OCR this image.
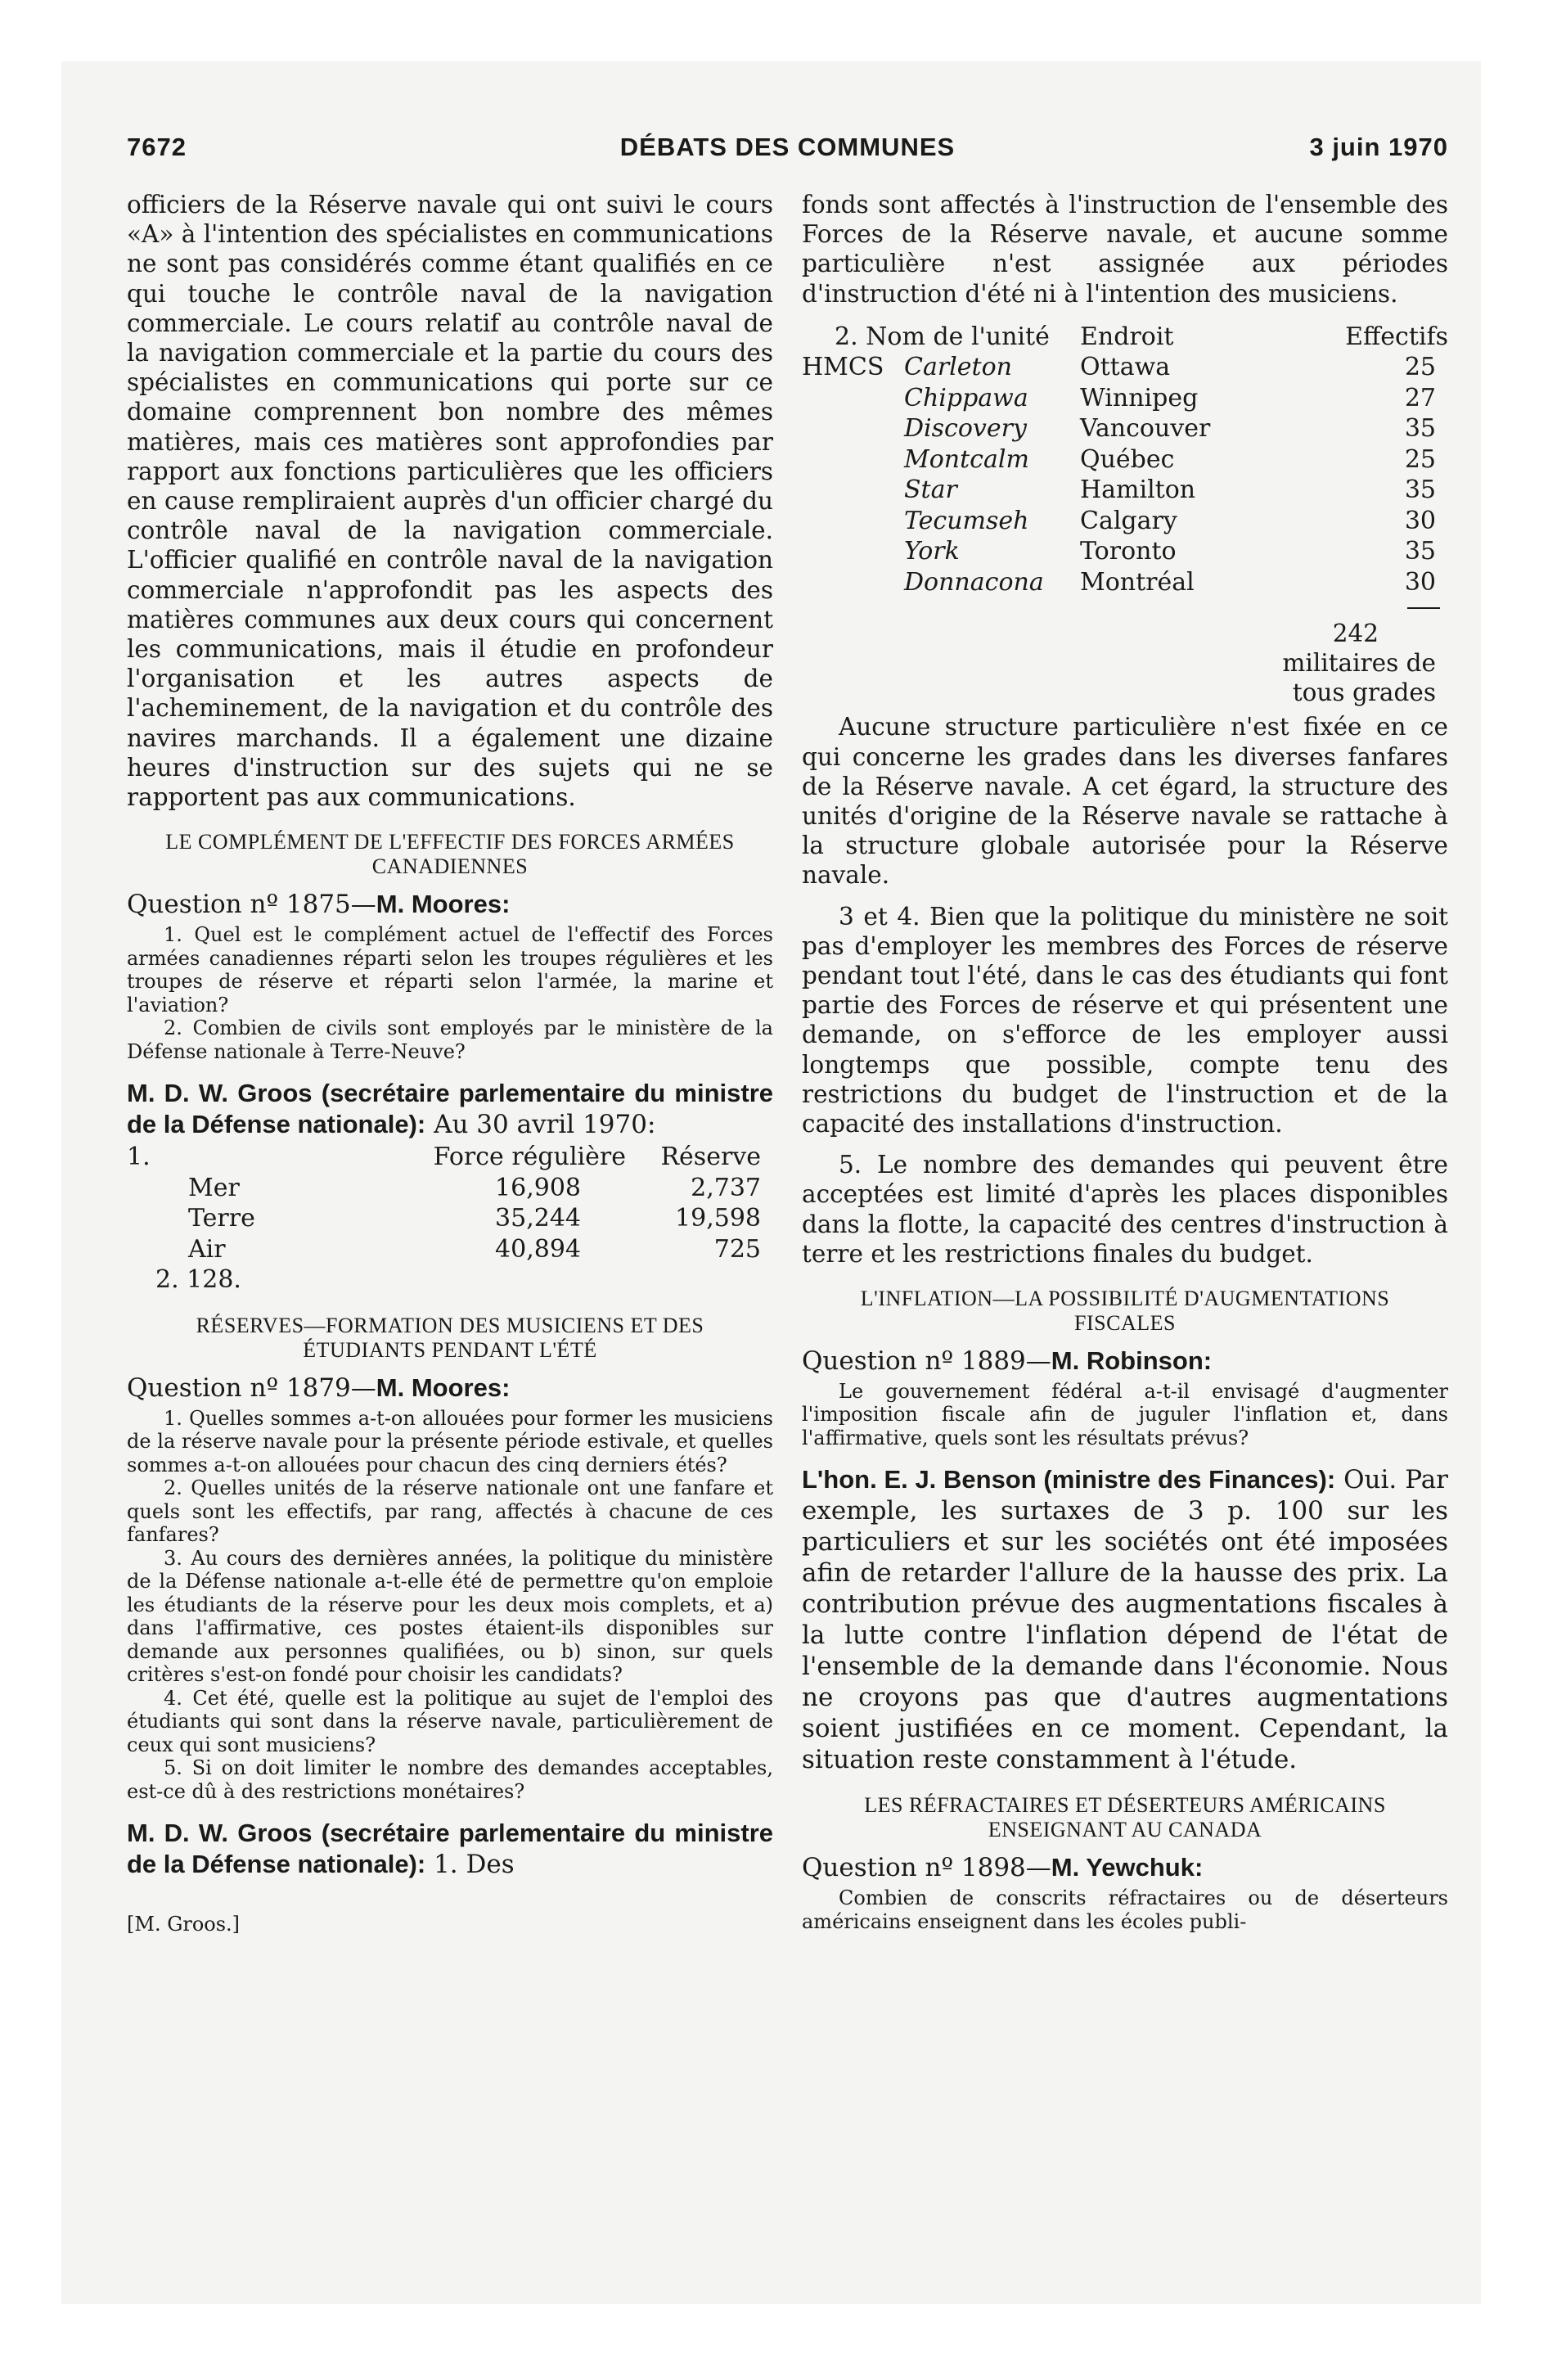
7672	DÉBATS DES COMMUNES	3 juin 1970

officiers de la Réserve navale qui ont suivi le cours «A» à l'intention des spécialistes en communications ne sont pas considérés comme étant qualifiés en ce qui touche le contrôle naval de la navigation commerciale. Le cours relatif au contrôle naval de la navigation commerciale et la partie du cours des spécialistes en communications qui porte sur ce domaine comprennent bon nombre des mêmes matières, mais ces matières sont approfondies par rapport aux fonctions particulières que les officiers en cause rempliraient auprès d'un officier chargé du contrôle naval de la navigation commerciale. L'officier qualifié en contrôle naval de la navigation commerciale n'approfondit pas les aspects des matières communes aux deux cours qui concernent les communications, mais il étudie en profondeur l'organisation et les autres aspects de l'acheminement, de la navigation et du contrôle des navires marchands. Il a également une dizaine heures d'instruction sur des sujets qui ne se rapportent pas aux communications.

LE COMPLÉMENT DE L'EFFECTIF DES FORCES ARMÉES CANADIENNES
Question nº 1875—M. Moores:

1. Quel est le complément actuel de l'effectif des Forces armées canadiennes réparti selon les troupes régulières et les troupes de réserve et réparti selon l'armée, la marine et l'aviation?

2. Combien de civils sont employés par le ministère de la Défense nationale à Terre-Neuve?

M. D. W. Groos (secrétaire parlementaire du ministre de la Défense nationale): Au 30 avril 1970:

1.	Force régulière	Réserve
Mer	16,908	2,737
Terre	35,244	19,598
Air	40,894	725
2. 128.		
RÉSERVES—FORMATION DES MUSICIENS ET DES ÉTUDIANTS PENDANT L'ÉTÉ
Question nº 1879—M. Moores:

1. Quelles sommes a-t-on allouées pour former les musiciens de la réserve navale pour la présente période estivale, et quelles sommes a-t-on allouées pour chacun des cinq derniers étés?

2. Quelles unités de la réserve nationale ont une fanfare et quels sont les effectifs, par rang, affectés à chacune de ces fanfares?

3. Au cours des dernières années, la politique du ministère de la Défense nationale a-t-elle été de permettre qu'on emploie les étudiants de la réserve pour les deux mois complets, et a) dans l'affirmative, ces postes étaient-ils disponibles sur demande aux personnes qualifiées, ou b) sinon, sur quels critères s'est-on fondé pour choisir les candidats?

4. Cet été, quelle est la politique au sujet de l'emploi des étudiants qui sont dans la réserve navale, particulièrement de ceux qui sont musiciens?

5. Si on doit limiter le nombre des demandes acceptables, est-ce dû à des restrictions monétaires?

M. D. W. Groos (secrétaire parlementaire du ministre de la Défense nationale): 1. Des

[M. Groos.]

fonds sont affectés à l'instruction de l'ensemble des Forces de la Réserve navale, et aucune somme particulière n'est assignée aux périodes d'instruction d'été ni à l'intention des musiciens.

2. Nom de l'unité		Endroit	Effectifs
HMCS	Carleton	Ottawa	25
	Chippawa	Winnipeg	27
	Discovery	Vancouver	35
	Montcalm	Québec	25
	Star	Hamilton	35
	Tecumseh	Calgary	30
	York	Toronto	35
	Donnacona	Montréal	30

242
militaires de
tous grades

Aucune structure particulière n'est fixée en ce qui concerne les grades dans les diverses fanfares de la Réserve navale. A cet égard, la structure des unités d'origine de la Réserve navale se rattache à la structure globale autorisée pour la Réserve navale.

3 et 4. Bien que la politique du ministère ne soit pas d'employer les membres des Forces de réserve pendant tout l'été, dans le cas des étudiants qui font partie des Forces de réserve et qui présentent une demande, on s'efforce de les employer aussi longtemps que possible, compte tenu des restrictions du budget de l'instruction et de la capacité des installations d'instruction.

5. Le nombre des demandes qui peuvent être acceptées est limité d'après les places disponibles dans la flotte, la capacité des centres d'instruction à terre et les restrictions finales du budget.

L'INFLATION—LA POSSIBILITÉ D'AUGMENTATIONS FISCALES
Question nº 1889—M. Robinson:

Le gouvernement fédéral a-t-il envisagé d'augmenter l'imposition fiscale afin de juguler l'inflation et, dans l'affirmative, quels sont les résultats prévus?

L'hon. E. J. Benson (ministre des Finances): Oui. Par exemple, les surtaxes de 3 p. 100 sur les particuliers et sur les sociétés ont été imposées afin de retarder l'allure de la hausse des prix. La contribution prévue des augmentations fiscales à la lutte contre l'inflation dépend de l'état de l'ensemble de la demande dans l'économie. Nous ne croyons pas que d'autres augmentations soient justifiées en ce moment. Cependant, la situation reste constamment à l'étude.

LES RÉFRACTAIRES ET DÉSERTEURS AMÉRICAINS ENSEIGNANT AU CANADA
Question nº 1898—M. Yewchuk:

Combien de conscrits réfractaires ou de déserteurs américains enseignent dans les écoles publi-
